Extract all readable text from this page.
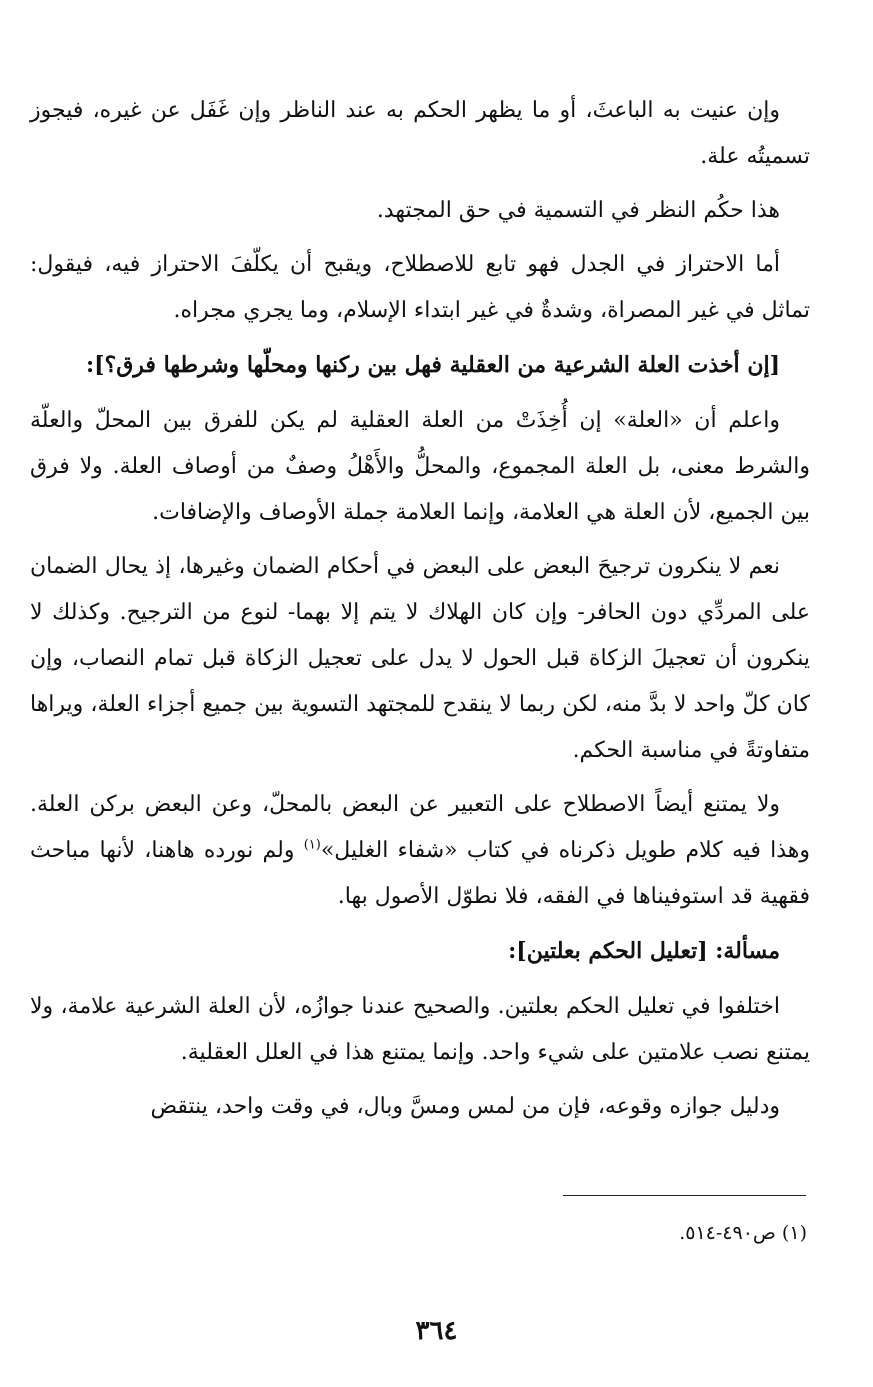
وإن عنيت به الباعثَ، أو ما يظهر الحكم به عند الناظر وإن غَفَل عن غيره، فيجوز تسميتُه علة.

هذا حكُم النظر في التسمية في حق المجتهد.

أما الاحتراز في الجدل فهو تابع للاصطلاح، ويقبح أن يكلّفَ الاحتراز فيه، فيقول: تماثل في غير المصراة، وشدةٌ في غير ابتداء الإسلام، وما يجري مجراه.

[إن أخذت العلة الشرعية من العقلية فهل بين ركنها ومحلّها وشرطها فرق؟]:

واعلم أن «العلة» إن أُخِذَتْ من العلة العقلية لم يكن للفرق بين المحلّ والعلّة والشرط معنى، بل العلة المجموع، والمحلُّ والأَهْلُ وصفٌ من أوصاف العلة. ولا فرق بين الجميع، لأن العلة هي العلامة، وإنما العلامة جملة الأوصاف والإضافات.

نعم لا ينكرون ترجيحَ البعض على البعض في أحكام الضمان وغيرها، إذ يحال الضمان على المردِّي دون الحافر- وإن كان الهلاك لا يتم إلا بهما- لنوع من الترجيح. وكذلك لا ينكرون أن تعجيلَ الزكاة قبل الحول لا يدل على تعجيل الزكاة قبل تمام النصاب، وإن كان كلّ واحد لا بدَّ منه، لكن ربما لا ينقدح للمجتهد التسوية بين جميع أجزاء العلة، ويراها متفاوتةً في مناسبة الحكم.

ولا يمتنع أيضاً الاصطلاح على التعبير عن البعض بالمحلّ، وعن البعض بركن العلة. وهذا فيه كلام طويل ذكرناه في كتاب «شفاء الغليل»$^{(١)}$ ولم نورده هاهنا، لأنها مباحث فقهية قد استوفيناها في الفقه، فلا نطوّل الأصول بها.

مسألة: [تعليل الحكم بعلتين]:

اختلفوا في تعليل الحكم بعلتين. والصحيح عندنا جوازُه، لأن العلة الشرعية علامة، ولا يمتنع نصب علامتين على شيء واحد. وإنما يمتنع هذا في العلل العقلية.

ودليل جوازه وقوعه، فإن من لمس ومسَّ وبال، في وقت واحد، ينتقض

(١) ص٤٩٠-٥١٤.
٣٦٤
